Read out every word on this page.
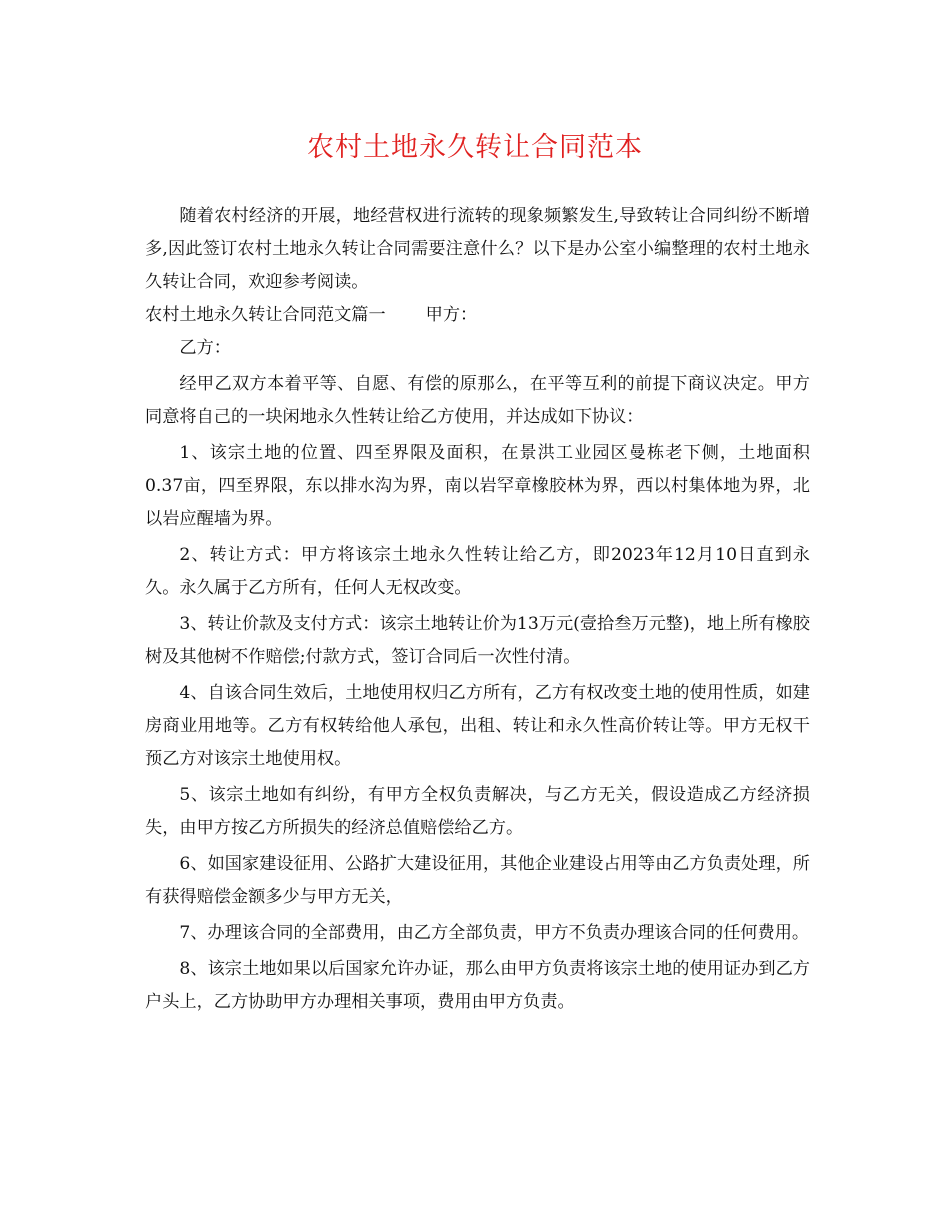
农村土地永久转让合同范本

随着农村经济的开展，地经营权进行流转的现象频繁发生,导致转让合同纠纷不断增多,因此签订农村土地永久转让合同需要注意什么？以下是办公室小编整理的农村土地永久转让合同，欢迎参考阅读。

农村土地永久转让合同范文篇一 甲方：

乙方：

经甲乙双方本着平等、自愿、有偿的原那么，在平等互利的前提下商议决定。甲方同意将自己的一块闲地永久性转让给乙方使用，并达成如下协议：

1、该宗土地的位置、四至界限及面积，在景洪工业园区曼栋老下侧，土地面积0.37亩，四至界限，东以排水沟为界，南以岩罕章橡胶林为界，西以村集体地为界，北以岩应醒墙为界。

2、转让方式：甲方将该宗土地永久性转让给乙方，即2023年12月10日直到永久。永久属于乙方所有，任何人无权改变。

3、转让价款及支付方式：该宗土地转让价为13万元(壹拾叁万元整)，地上所有橡胶树及其他树不作赔偿;付款方式，签订合同后一次性付清。

4、自该合同生效后，土地使用权归乙方所有，乙方有权改变土地的使用性质，如建房商业用地等。乙方有权转给他人承包，出租、转让和永久性高价转让等。甲方无权干预乙方对该宗土地使用权。

5、该宗土地如有纠纷，有甲方全权负责解决，与乙方无关，假设造成乙方经济损失，由甲方按乙方所损失的经济总值赔偿给乙方。

6、如国家建设征用、公路扩大建设征用，其他企业建设占用等由乙方负责处理，所有获得赔偿金额多少与甲方无关，

7、办理该合同的全部费用，由乙方全部负责，甲方不负责办理该合同的任何费用。

8、该宗土地如果以后国家允许办证，那么由甲方负责将该宗土地的使用证办到乙方户头上，乙方协助甲方办理相关事项，费用由甲方负责。
